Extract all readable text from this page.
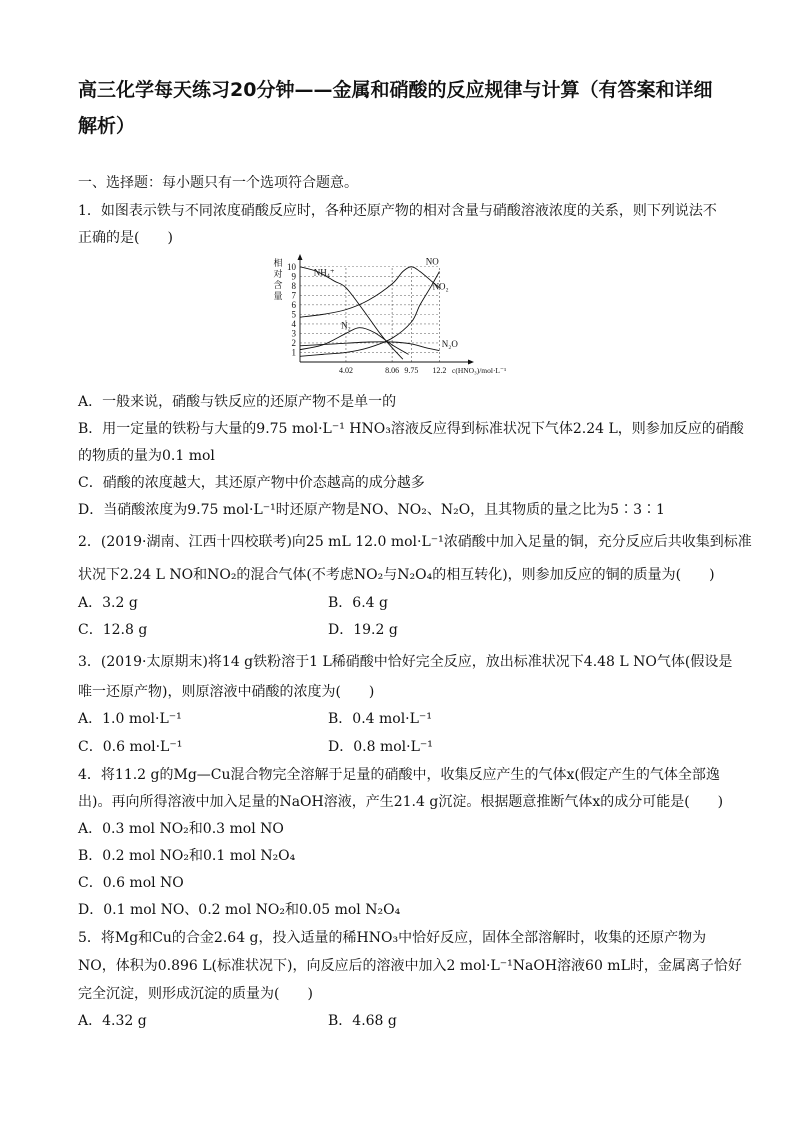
高三化学每天练习20分钟——金属和硝酸的反应规律与计算（有答案和详细解析）
一、选择题：每小题只有一个选项符合题意。
1．如图表示铁与不同浓度硝酸反应时，各种还原产物的相对含量与硝酸溶液浓度的关系，则下列说法不
正确的是(　　)
1
2
3
4
5
6
7
8
9
10
4.02	8.06 9.75 12.2
相
对
含
量
c(HNO₃)/mol·L⁻¹
NO
NO₂
NH₄⁺
N₂
N₂O
A．一般来说，硝酸与铁反应的还原产物不是单一的
B．用一定量的铁粉与大量的9.75 mol·L⁻¹ HNO₃溶液反应得到标准状况下气体2.24 L，则参加反应的硝酸
的物质的量为0.1 mol
C．硝酸的浓度越大，其还原产物中价态越高的成分越多
D．当硝酸浓度为9.75 mol·L⁻¹时还原产物是NO、NO₂、N₂O，且其物质的量之比为5∶3∶1
2．(2019·湖南、江西十四校联考)向25 mL 12.0 mol·L⁻¹浓硝酸中加入足量的铜，充分反应后共收集到标准
状况下2.24 L NO和NO₂的混合气体(不考虑NO₂与N₂O₄的相互转化)，则参加反应的铜的质量为(　　)
A．3.2 g	B．6.4 g
C．12.8 g	D．19.2 g
3．(2019·太原期末)将14 g铁粉溶于1 L稀硝酸中恰好完全反应，放出标准状况下4.48 L NO气体(假设是
唯一还原产物)，则原溶液中硝酸的浓度为(　　)
A．1.0 mol·L⁻¹	B．0.4 mol·L⁻¹
C．0.6 mol·L⁻¹	D．0.8 mol·L⁻¹
4．将11.2 g的Mg—Cu混合物完全溶解于足量的硝酸中，收集反应产生的气体x(假定产生的气体全部逸
出)。再向所得溶液中加入足量的NaOH溶液，产生21.4 g沉淀。根据题意推断气体x的成分可能是(　　)
A．0.3 mol NO₂和0.3 mol NO
B．0.2 mol NO₂和0.1 mol N₂O₄
C．0.6 mol NO
D．0.1 mol NO、0.2 mol NO₂和0.05 mol N₂O₄
5．将Mg和Cu的合金2.64 g，投入适量的稀HNO₃中恰好反应，固体全部溶解时，收集的还原产物为
NO，体积为0.896 L(标准状况下)，向反应后的溶液中加入2 mol·L⁻¹NaOH溶液60 mL时，金属离子恰好
完全沉淀，则形成沉淀的质量为(　　)
A．4.32 g	B．4.68 g
